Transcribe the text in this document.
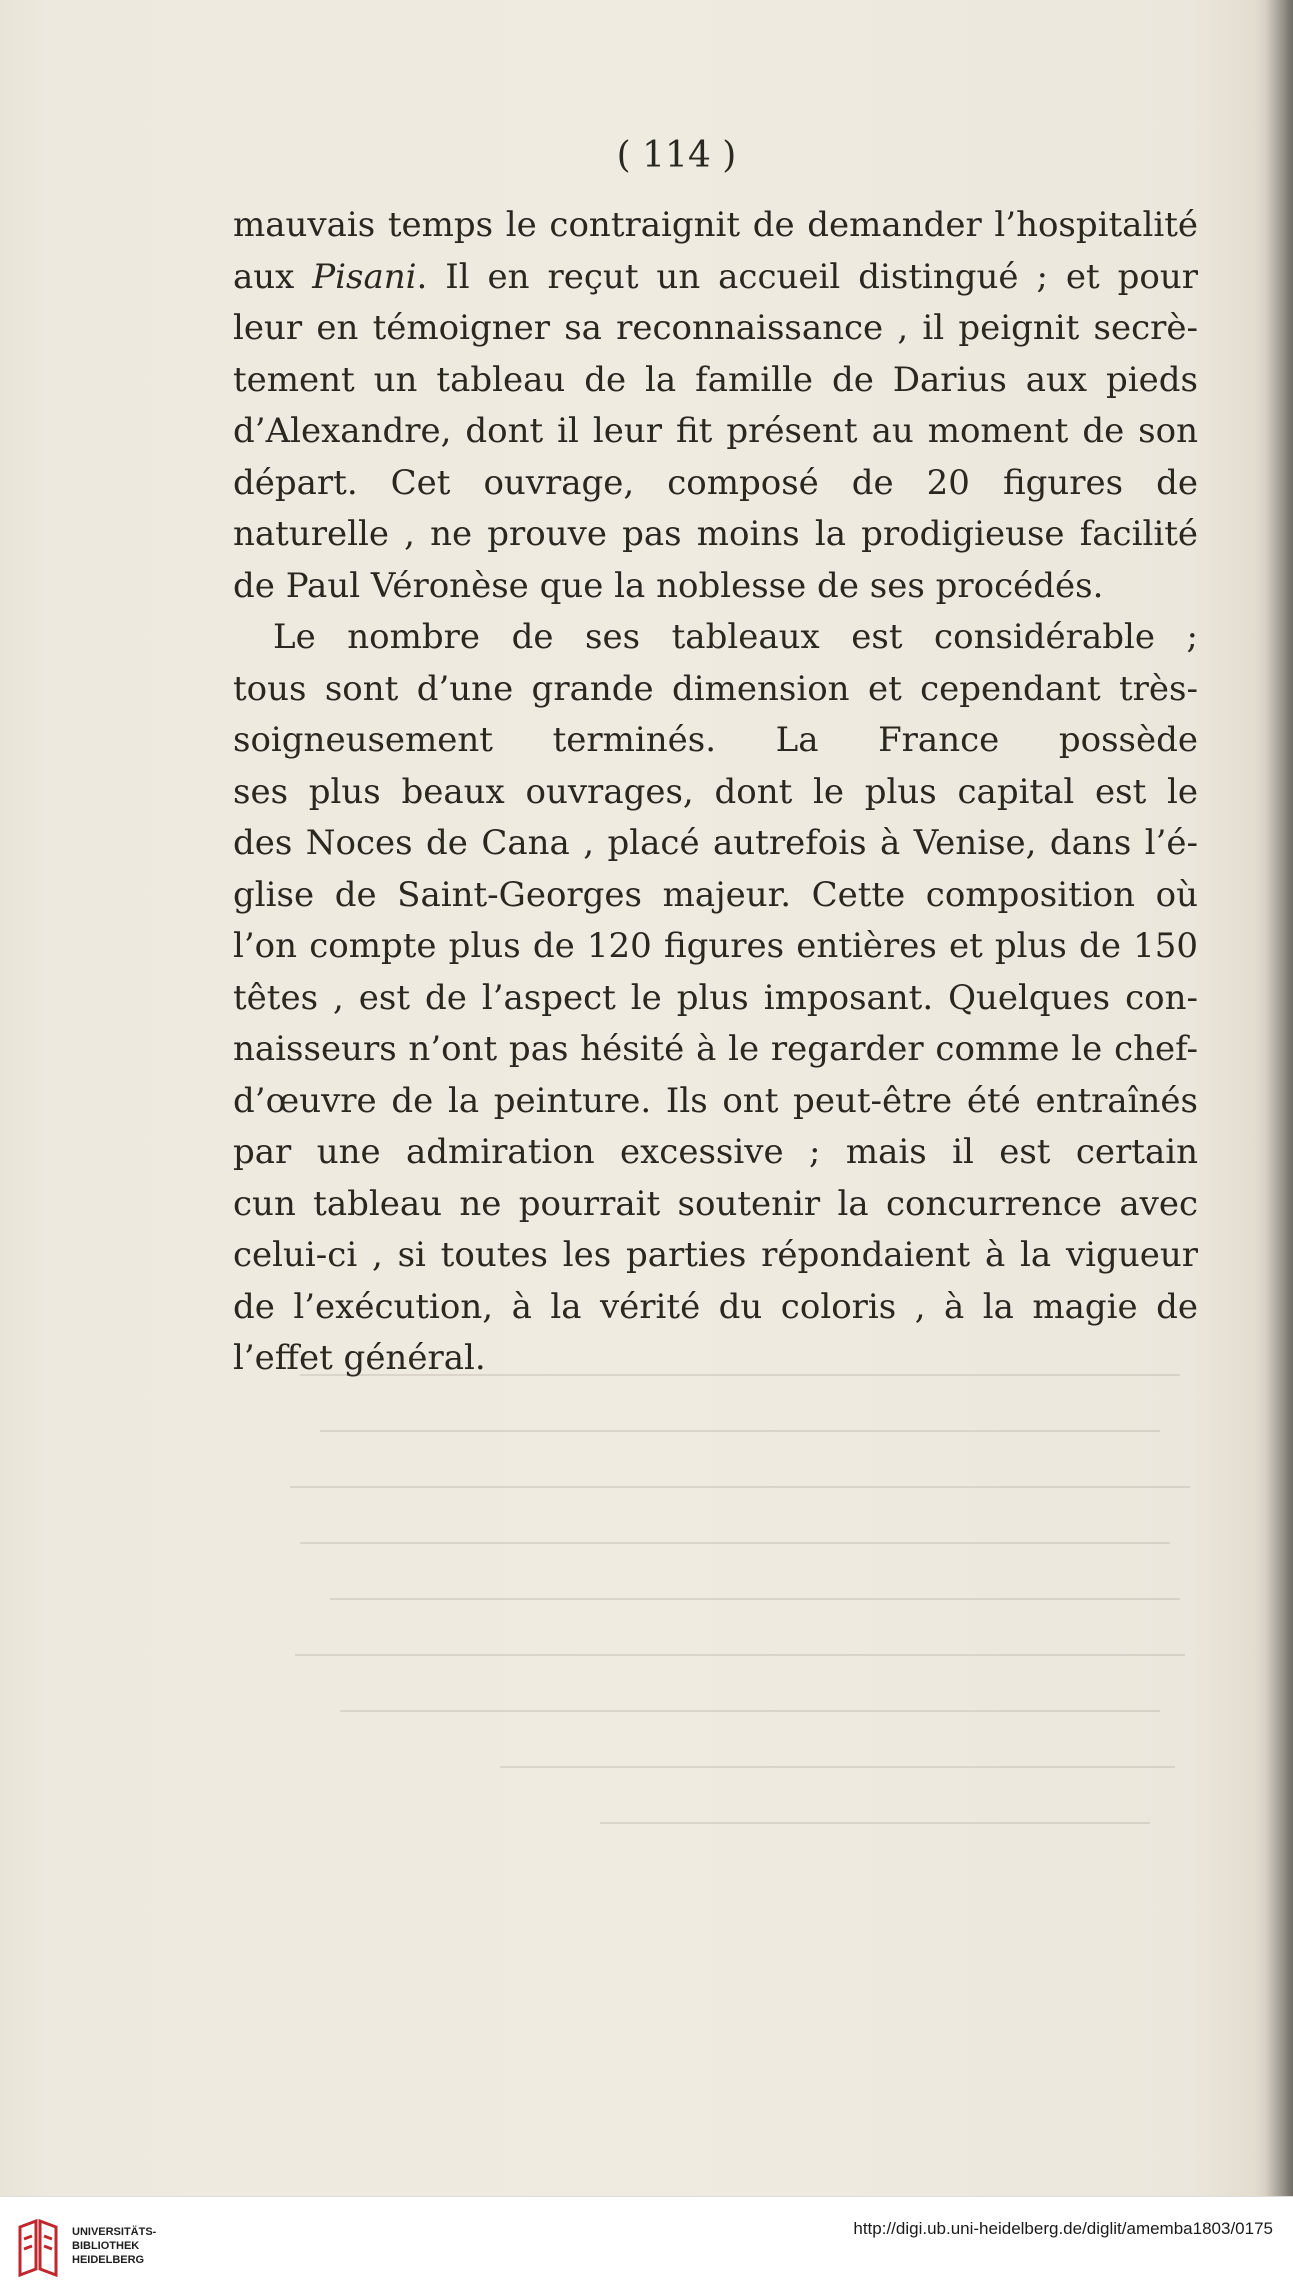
( 114 )

mauvais temps le contraignit de demander l’hospitalité
aux Pisani. Il en reçut un accueil distingué ; et pour
leur en témoigner sa reconnaissance , il peignit secrè-
tement un tableau de la famille de Darius aux pieds
d’Alexandre, dont il leur fit présent au moment de son
départ. Cet ouvrage, composé de 20 figures de
naturelle , ne prouve pas moins la prodigieuse facilité
de Paul Véronèse que la noblesse de ses procédés.
Le nombre de ses tableaux est considérable ;
tous sont d’une grande dimension et cependant très-
soigneusement terminés. La France possède
ses plus beaux ouvrages, dont le plus capital est le
des Noces de Cana , placé autrefois à Venise, dans l’é-
glise de Saint-Georges majeur. Cette composition où
l’on compte plus de 120 figures entières et plus de 150
têtes , est de l’aspect le plus imposant. Quelques con-
naisseurs n’ont pas hésité à le regarder comme le chef-
d’œuvre de la peinture. Ils ont peut-être été entraînés
par une admiration excessive ; mais il est certain
cun tableau ne pourrait soutenir la concurrence avec
celui-ci , si toutes les parties répondaient à la vigueur
de l’exécution, à la vérité du coloris , à la magie de
l’effet général.

UNIVERSITÄTS-
BIBLIOTHEK
HEIDELBERG

http://digi.ub.uni-heidelberg.de/diglit/amemba1803/0175
